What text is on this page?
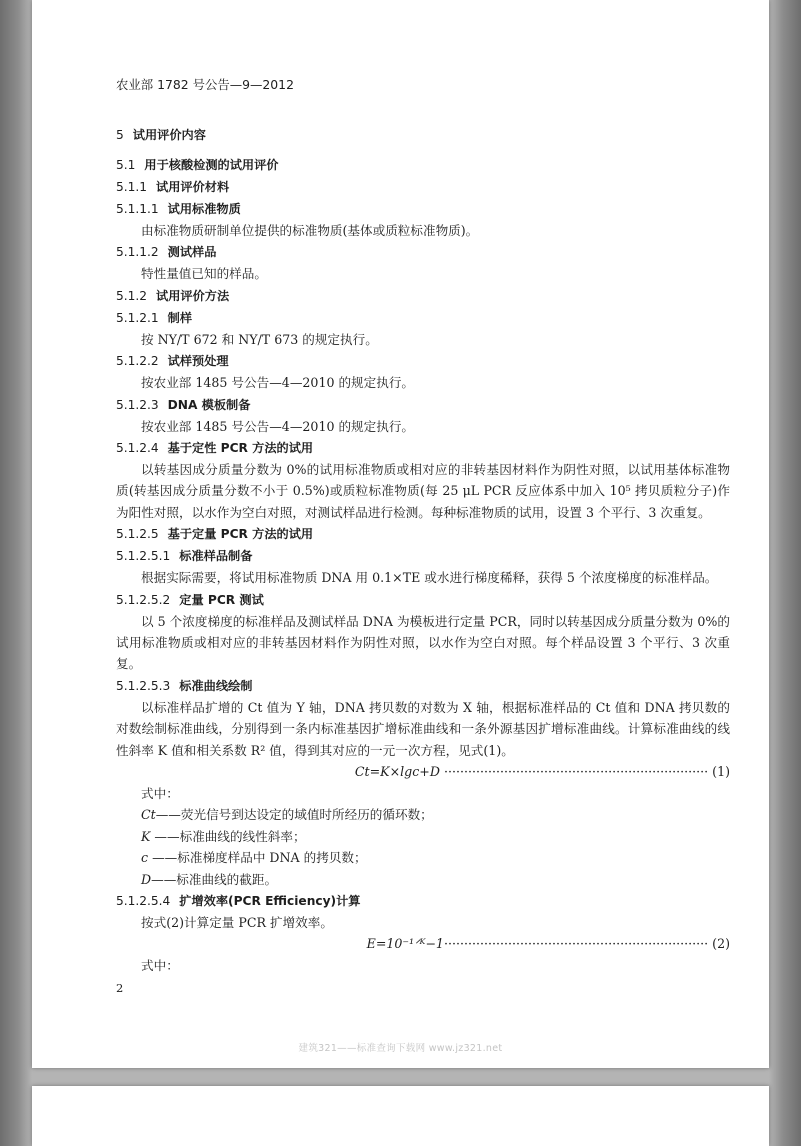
农业部 1782 号公告—9—2012
5 试用评价内容
5.1 用于核酸检测的试用评价
5.1.1 试用评价材料
5.1.1.1 试用标准物质
由标准物质研制单位提供的标准物质(基体或质粒标准物质)。
5.1.1.2 测试样品
特性量值已知的样品。
5.1.2 试用评价方法
5.1.2.1 制样
按 NY/T 672 和 NY/T 673 的规定执行。
5.1.2.2 试样预处理
按农业部 1485 号公告—4—2010 的规定执行。
5.1.2.3 DNA 模板制备
按农业部 1485 号公告—4—2010 的规定执行。
5.1.2.4 基于定性 PCR 方法的试用
以转基因成分质量分数为 0%的试用标准物质或相对应的非转基因材料作为阴性对照，以试用基体标准物质(转基因成分质量分数不小于 0.5%)或质粒标准物质(每 25 μL PCR 反应体系中加入 10⁵ 拷贝质粒分子)作为阳性对照，以水作为空白对照，对测试样品进行检测。每种标准物质的试用，设置 3 个平行、3 次重复。
5.1.2.5 基于定量 PCR 方法的试用
5.1.2.5.1 标准样品制备
根据实际需要，将试用标准物质 DNA 用 0.1×TE 或水进行梯度稀释，获得 5 个浓度梯度的标准样品。
5.1.2.5.2 定量 PCR 测试
以 5 个浓度梯度的标准样品及测试样品 DNA 为模板进行定量 PCR，同时以转基因成分质量分数为 0%的试用标准物质或相对应的非转基因材料作为阴性对照，以水作为空白对照。每个样品设置 3 个平行、3 次重复。
5.1.2.5.3 标准曲线绘制
以标准样品扩增的 Ct 值为 Y 轴，DNA 拷贝数的对数为 X 轴，根据标准样品的 Ct 值和 DNA 拷贝数的对数绘制标准曲线，分别得到一条内标准基因扩增标准曲线和一条外源基因扩增标准曲线。计算标准曲线的线性斜率 K 值和相关系数 R² 值，得到其对应的一元一次方程，见式(1)。
Ct=K×lgc+D ·································································· (1)
式中：
Ct——荧光信号到达设定的域值时所经历的循环数；
K ——标准曲线的线性斜率；
c ——标准梯度样品中 DNA 的拷贝数；
D——标准曲线的截距。
5.1.2.5.4 扩增效率(PCR Efficiency)计算
按式(2)计算定量 PCR 扩增效率。
E=10⁻¹ᐟᴷ−1·································································· (2)
式中：
2
建筑321——标准查询下载网 www.jz321.net
